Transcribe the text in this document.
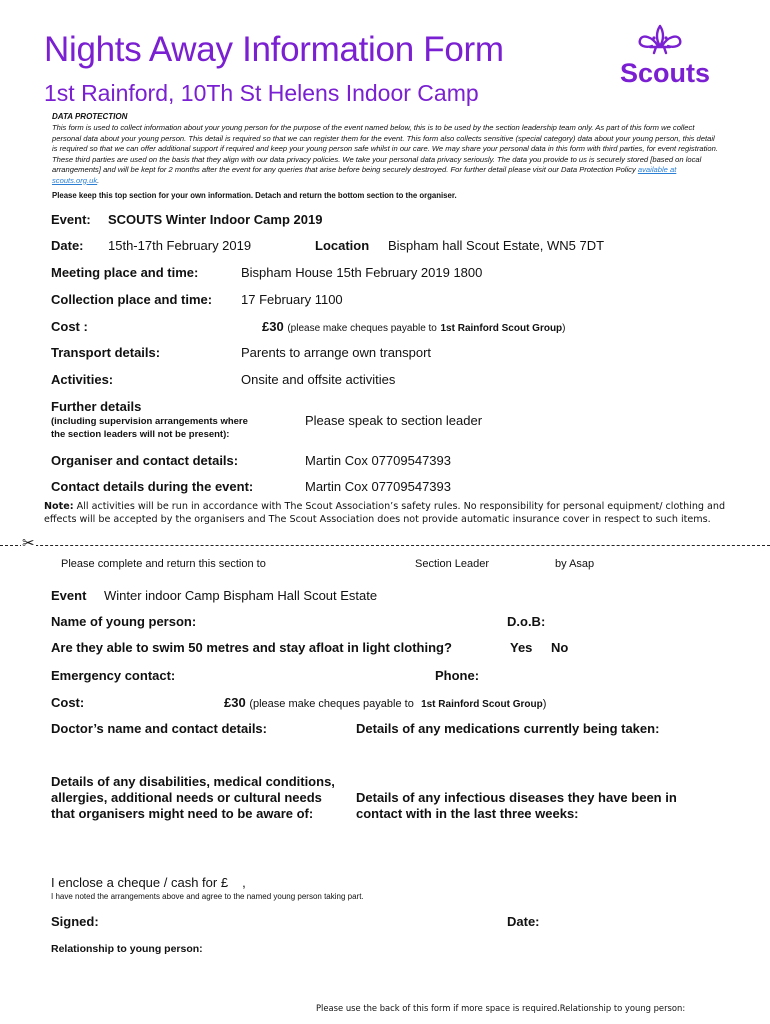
Nights Away Information Form
1st Rainford, 10Th St Helens Indoor Camp
Scouts
DATA PROTECTION
This form is used to collect information about your young person for the purpose of the event named below, this is to be used by the section leadership team only. As part of this form we collect personal data about your young person. This detail is required so that we can register them for the event. This form also collects sensitive (special category) data about your young person, this detail is required so that we can offer additional support if required and keep your young person safe whilst in our care. We may share your personal data in this form with third parties, for event registration. These third parties are used on the basis that they align with our data privacy policies. We take your personal data privacy seriously. The data you provide to us is securely stored [based on local arrangements] and will be kept for 2 months after the event for any queries that arise before being securely destroyed. For further detail please visit our Data Protection Policy available at scouts.org.uk.
Please keep this top section for your own information. Detach and return the bottom section to the organiser.
Event: SCOUTS Winter Indoor Camp 2019
Date: 15th-17th February 2019	Location Bispham hall Scout Estate, WN5 7DT
Meeting place and time:	Bispham House 15th February 2019 1800
Collection place and time: 17 February 1100
Cost :	£30 (please make cheques payable to 1st Rainford Scout Group)
Transport details:	Parents to arrange own transport
Activities:	Onsite and offsite activities
Further details
(including supervision arrangements where
the section leaders will not be present):
Please speak to section leader
Organiser and contact details:	Martin Cox 07709547393
Contact details during the event:	Martin Cox 07709547393
Note: All activities will be run in accordance with The Scout Association’s safety rules. No responsibility for personal equipment/ clothing and effects will be accepted by the organisers and The Scout Association does not provide automatic insurance cover in respect to such items.
✂
Please complete and return this section to	Section Leader	by Asap
Event Winter indoor Camp Bispham Hall Scout Estate
Name of young person:	D.o.B:
Are they able to swim 50 metres and stay afloat in light clothing?	Yes No
Emergency contact:	Phone:
Cost:	£30 (please make cheques payable to 1st Rainford Scout Group)
Doctor’s name and contact details:	Details of any medications currently being taken:
Details of any disabilities, medical conditions, allergies, additional needs or cultural needs that organisers might need to be aware of:
Details of any infectious diseases they have been in contact with in the last three weeks:
I enclose a cheque / cash for £ ,
I have noted the arrangements above and agree to the named young person taking part.
Signed:	Date:
Relationship to young person:
Please use the back of this form if more space is required.Relationship to young person:
